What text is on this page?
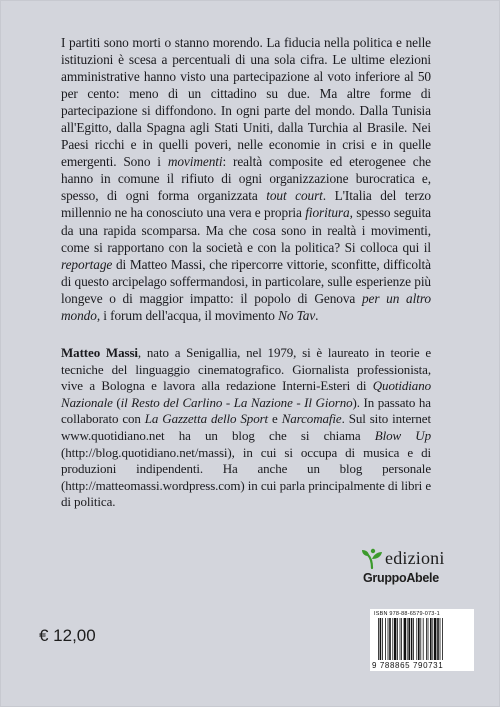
I partiti sono morti o stanno morendo. La fiducia nella politica e nelle istituzioni è scesa a percentuali di una sola cifra. Le ultime elezioni amministrative hanno visto una partecipazione al voto inferiore al 50 per cento: meno di un cittadino su due. Ma altre forme di partecipazione si diffondono. In ogni parte del mondo. Dalla Tunisia all'Egitto, dalla Spagna agli Stati Uniti, dalla Turchia al Brasile. Nei Paesi ricchi e in quelli poveri, nelle economie in crisi e in quelle emergenti. Sono i movimenti: realtà composite ed eterogenee che hanno in comune il rifiuto di ogni organizzazione burocratica e, spesso, di ogni forma organizzata tout court. L'Italia del terzo millennio ne ha conosciuto una vera e propria fioritura, spesso seguita da una rapida scomparsa. Ma che cosa sono in realtà i movimenti, come si rapportano con la società e con la politica? Si colloca qui il reportage di Matteo Massi, che ripercorre vittorie, sconfitte, difficoltà di questo arcipelago soffermandosi, in particolare, sulle esperienze più longeve o di maggior impatto: il popolo di Genova per un altro mondo, i forum dell'acqua, il movimento No Tav.

Matteo Massi, nato a Senigallia, nel 1979, si è laureato in teorie e tecniche del linguaggio cinematografico. Giornalista professionista, vive a Bologna e lavora alla redazione Interni-Esteri di Quotidiano Nazionale (il Resto del Carlino - La Nazione - Il Giorno). In passato ha collaborato con La Gazzetta dello Sport e Narcomafie. Sul sito internet www.quotidiano.net ha un blog che si chiama Blow Up (http://blog.quotidiano.net/massi), in cui si occupa di musica e di produzioni indipendenti. Ha anche un blog personale (http://matteomassi.wordpress.com) in cui parla principalmente di libri e di politica.

edizioni
GruppoAbele
ISBN 978-88-6579-073-1
9 788865 790731
€ 12,00
